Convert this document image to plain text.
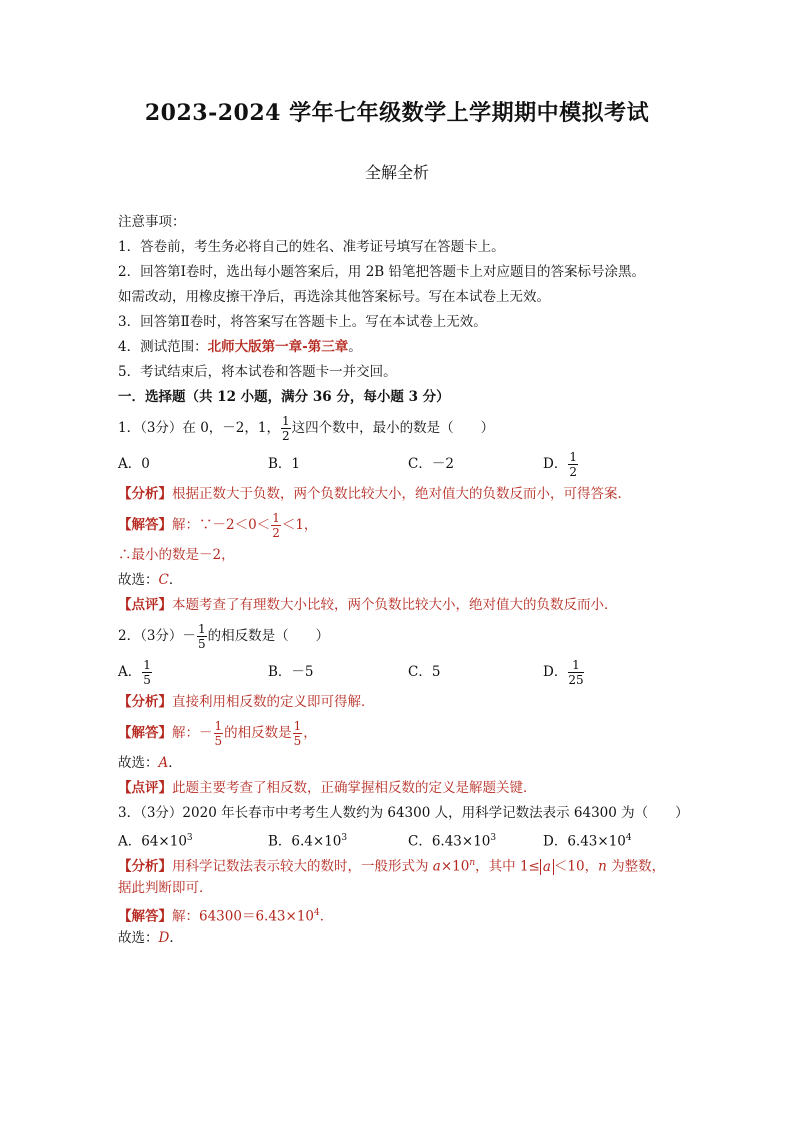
2023-2024 学年七年级数学上学期期中模拟考试
全解全析
注意事项：
1．答卷前，考生务必将自己的姓名、准考证号填写在答题卡上。
2．回答第Ⅰ卷时，选出每小题答案后，用 2B 铅笔把答题卡上对应题目的答案标号涂黑。
如需改动，用橡皮擦干净后，再选涂其他答案标号。写在本试卷上无效。
3．回答第Ⅱ卷时，将答案写在答题卡上。写在本试卷上无效。
4．测试范围：北师大版第一章-第三章。
5．考试结束后，将本试卷和答题卡一并交回。
一．选择题（共 12 小题，满分 36 分，每小题 3 分）
1．（3分）在 0，－2，1， $\frac{1}{2}$ 这四个数中，最小的数是（　　）
A．0	B．1	C．－2	D． $\frac{1}{2}$
【分析】根据正数大于负数，两个负数比较大小，绝对值大的负数反而小，可得答案．
【解答】解：∵－2＜0＜ $\frac{1}{2} <1$，
∴最小的数是－2，
故选：C．
【点评】本题考查了有理数大小比较，两个负数比较大小，绝对值大的负数反而小．
2．（3分）－ $\frac{1}{5}$ 的相反数是（　　）
A． $\frac{1}{5}$	B．－5	C．5	D． $\frac{1}{25}$
【分析】直接利用相反数的定义即可得解．
【解答】解：－ $\frac{1}{5}$ 的相反数是 $\frac{1}{5}$ ，
故选：A．
【点评】此题主要考查了相反数，正确掌握相反数的定义是解题关键．
3．（3分）2020 年长春市中考考生人数约为 64300 人，用科学记数法表示 64300 为（　　）
A．$64\times 10^3$	B．$6.4\times 10^3$	C．$6.43\times 10^3$	D．$6.43\times 10^4$
【分析】用科学记数法表示较大的数时，一般形式为 $a\times 10^n$，其中 1≤ a ＜10，n 为整数，
据此判断即可．
【解答】解：$64300=6.43\times 10^4$．
故选：D．
